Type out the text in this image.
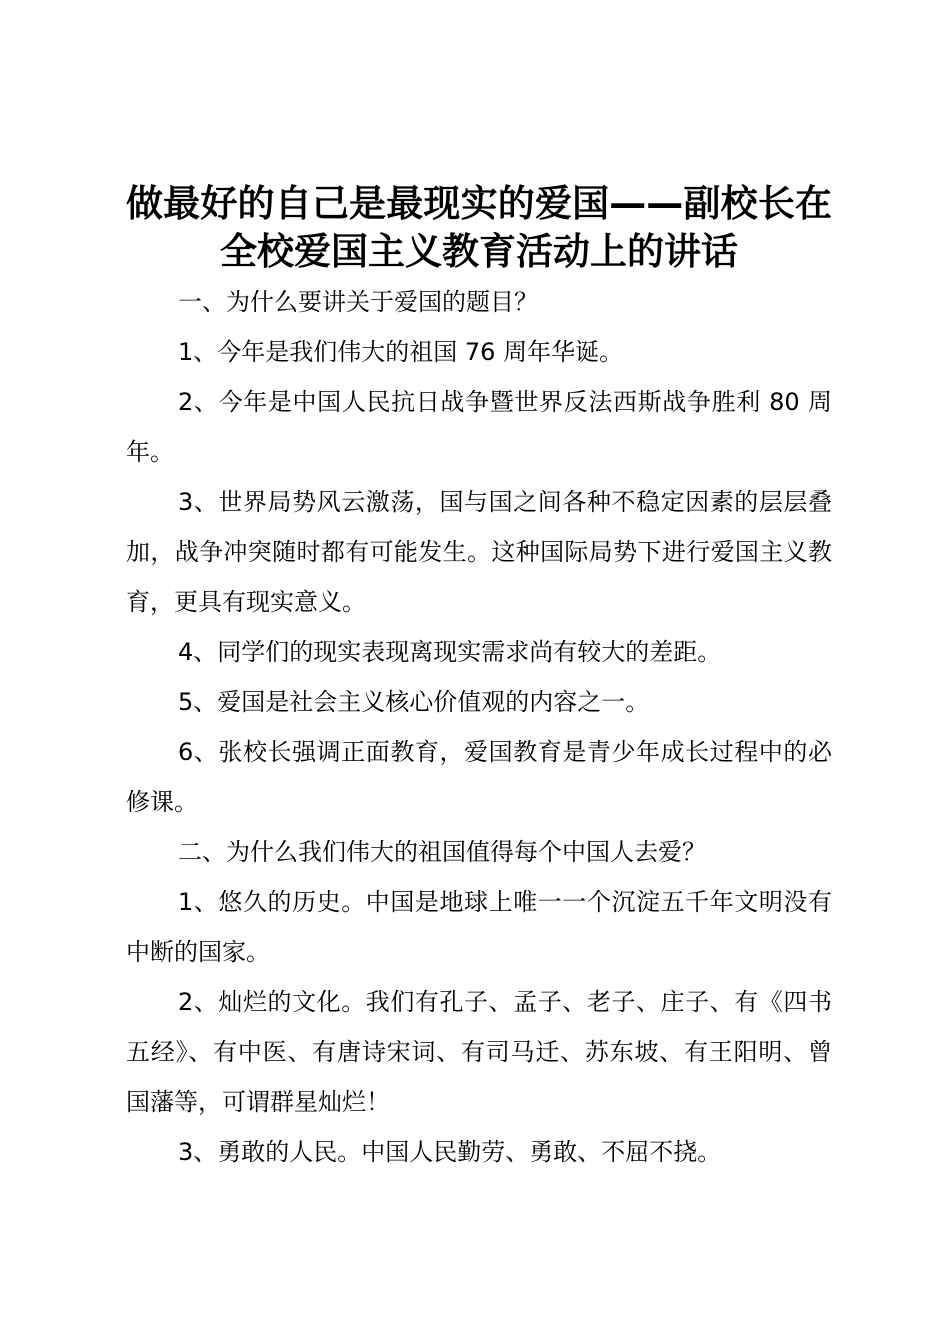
做最好的自己是最现实的爱国——副校长在全校爱国主义教育活动上的讲话

一、为什么要讲关于爱国的题目？

1、今年是我们伟大的祖国 76 周年华诞。

2、今年是中国人民抗日战争暨世界反法西斯战争胜利 80 周年。

3、世界局势风云激荡，国与国之间各种不稳定因素的层层叠加，战争冲突随时都有可能发生。这种国际局势下进行爱国主义教育，更具有现实意义。

4、同学们的现实表现离现实需求尚有较大的差距。

5、爱国是社会主义核心价值观的内容之一。

6、张校长强调正面教育，爱国教育是青少年成长过程中的必修课。

二、为什么我们伟大的祖国值得每个中国人去爱？

1、悠久的历史。中国是地球上唯一一个沉淀五千年文明没有中断的国家。

2、灿烂的文化。我们有孔子、孟子、老子、庄子、有《四书五经》、有中医、有唐诗宋词、有司马迁、苏东坡、有王阳明、曾国藩等，可谓群星灿烂！

3、勇敢的人民。中国人民勤劳、勇敢、不屈不挠。
